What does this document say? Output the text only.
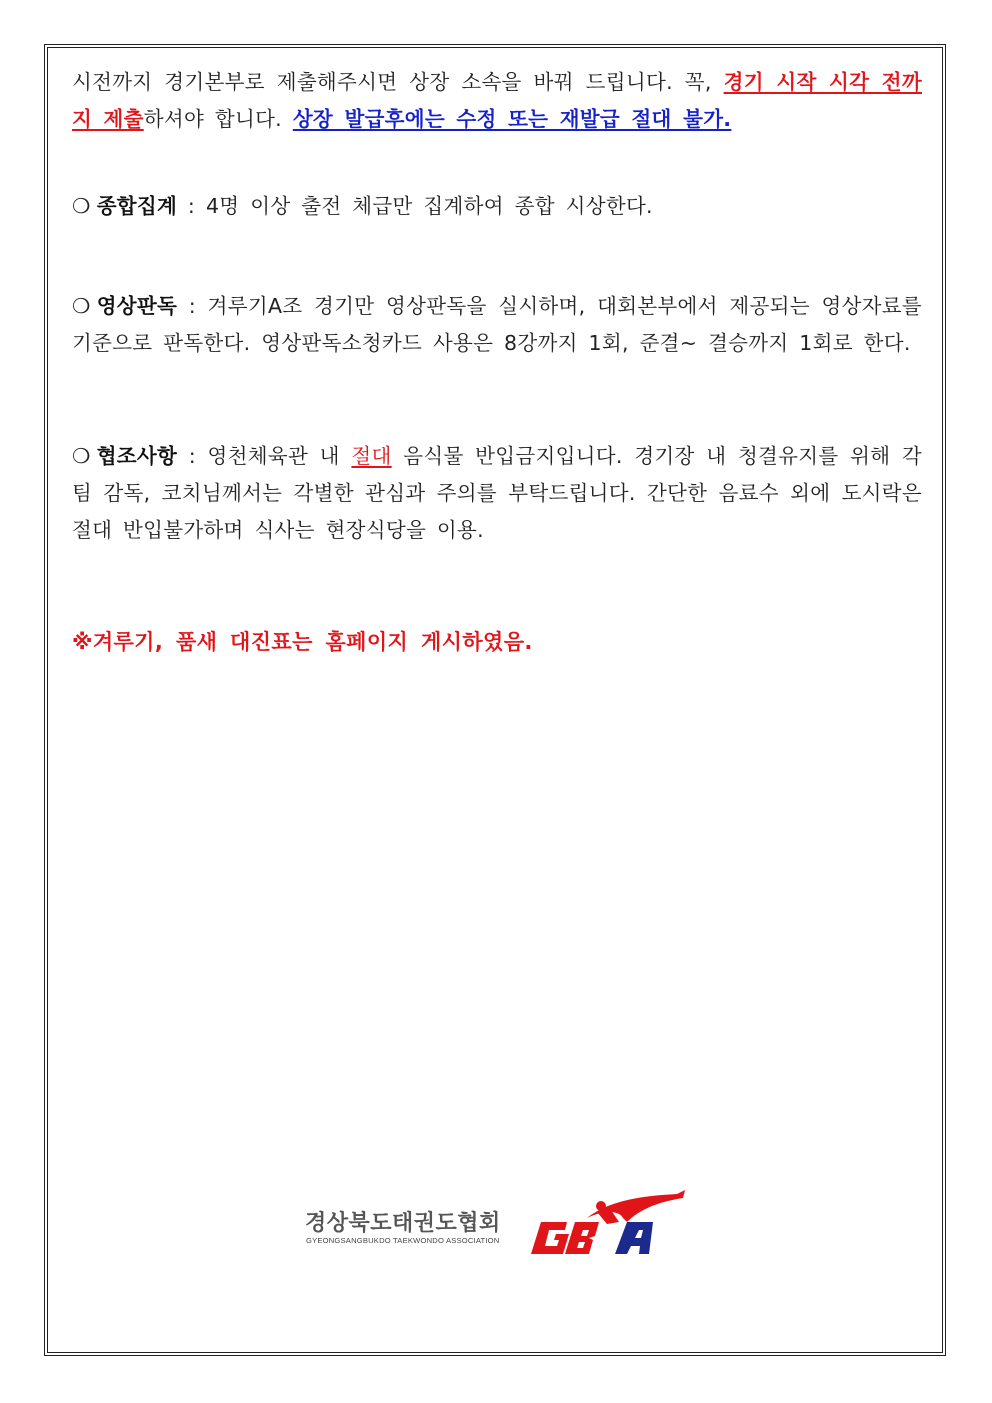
시전까지 경기본부로 제출해주시면 상장 소속을 바꿔 드립니다. 꼭, 경기 시작 시각 전까지 제출하셔야 합니다. 상장 발급후에는 수정 또는 재발급 절대 불가.

❍ 종합집계 : 4명 이상 출전 체급만 집계하여 종합 시상한다.

❍ 영상판독 : 겨루기A조 경기만 영상판독을 실시하며, 대회본부에서 제공되는 영상자료를 기준으로 판독한다. 영상판독소청카드 사용은 8강까지 1회, 준결~ 결승까지 1회로 한다.

❍ 협조사항 : 영천체육관 내 절대 음식물 반입금지입니다. 경기장 내 청결유지를 위해 각 팀 감독, 코치님께서는 각별한 관심과 주의를 부탁드립니다. 간단한 음료수 외에 도시락은 절대 반입불가하며 식사는 현장식당을 이용.

※겨루기, 품새 대진표는 홈페이지 게시하였음.
경상북도태권도협회
GYEONGSANGBUKDO TAEKWONDO ASSOCIATION
